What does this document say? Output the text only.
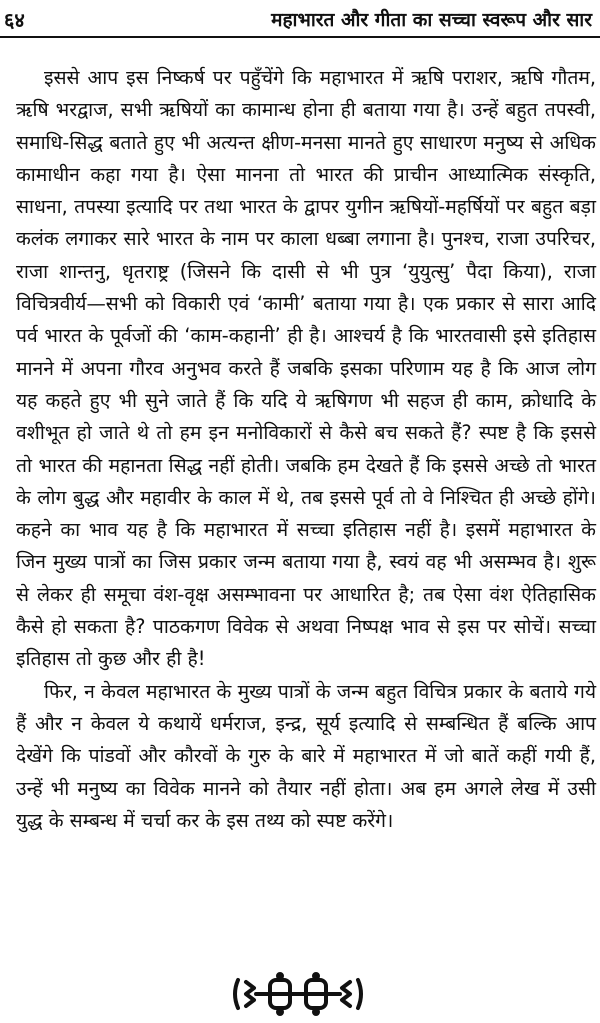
६४	महाभारत और गीता का सच्चा स्वरूप और सार

इससे आप इस निष्कर्ष पर पहुँचेंगे कि महाभारत में ऋषि पराशर, ऋषि गौतम, ऋषि भरद्वाज, सभी ऋषियों का कामान्ध होना ही बताया गया है। उन्हें बहुत तपस्वी, समाधि-सिद्ध बताते हुए भी अत्यन्त क्षीण-मनसा मानते हुए साधारण मनुष्य से अधिक कामाधीन कहा गया है। ऐसा मानना तो भारत की प्राचीन आध्यात्मिक संस्कृति, साधना, तपस्या इत्यादि पर तथा भारत के द्वापर युगीन ऋषियों-महर्षियों पर बहुत बड़ा कलंक लगाकर सारे भारत के नाम पर काला धब्बा लगाना है। पुनश्च, राजा उपरिचर, राजा शान्तनु, धृतराष्ट्र (जिसने कि दासी से भी पुत्र ‘युयुत्सु’ पैदा किया), राजा विचित्रवीर्य—सभी को विकारी एवं ‘कामी’ बताया गया है। एक प्रकार से सारा आदि पर्व भारत के पूर्वजों की ‘काम-कहानी’ ही है। आश्चर्य है कि भारतवासी इसे इतिहास मानने में अपना गौरव अनुभव करते हैं जबकि इसका परिणाम यह है कि आज लोग यह कहते हुए भी सुने जाते हैं कि यदि ये ऋषिगण भी सहज ही काम, क्रोधादि के वशीभूत हो जाते थे तो हम इन मनोविकारों से कैसे बच सकते हैं? स्पष्ट है कि इससे तो भारत की महानता सिद्ध नहीं होती। जबकि हम देखते हैं कि इससे अच्छे तो भारत के लोग बुद्ध और महावीर के काल में थे, तब इससे पूर्व तो वे निश्चित ही अच्छे होंगे। कहने का भाव यह है कि महाभारत में सच्चा इतिहास नहीं है। इसमें महाभारत के जिन मुख्य पात्रों का जिस प्रकार जन्म बताया गया है, स्वयं वह भी असम्भव है। शुरू से लेकर ही समूचा वंश-वृक्ष असम्भावना पर आधारित है; तब ऐसा वंश ऐतिहासिक कैसे हो सकता है? पाठकगण विवेक से अथवा निष्पक्ष भाव से इस पर सोचें। सच्चा इतिहास तो कुछ और ही है!

फिर, न केवल महाभारत के मुख्य पात्रों के जन्म बहुत विचित्र प्रकार के बताये गये हैं और न केवल ये कथायें धर्मराज, इन्द्र, सूर्य इत्यादि से सम्बन्धित हैं बल्कि आप देखेंगे कि पांडवों और कौरवों के गुरु के बारे में महाभारत में जो बातें कहीं गयी हैं, उन्हें भी मनुष्य का विवेक मानने को तैयार नहीं होता। अब हम अगले लेख में उसी युद्ध के सम्बन्ध में चर्चा कर के इस तथ्य को स्पष्ट करेंगे।
